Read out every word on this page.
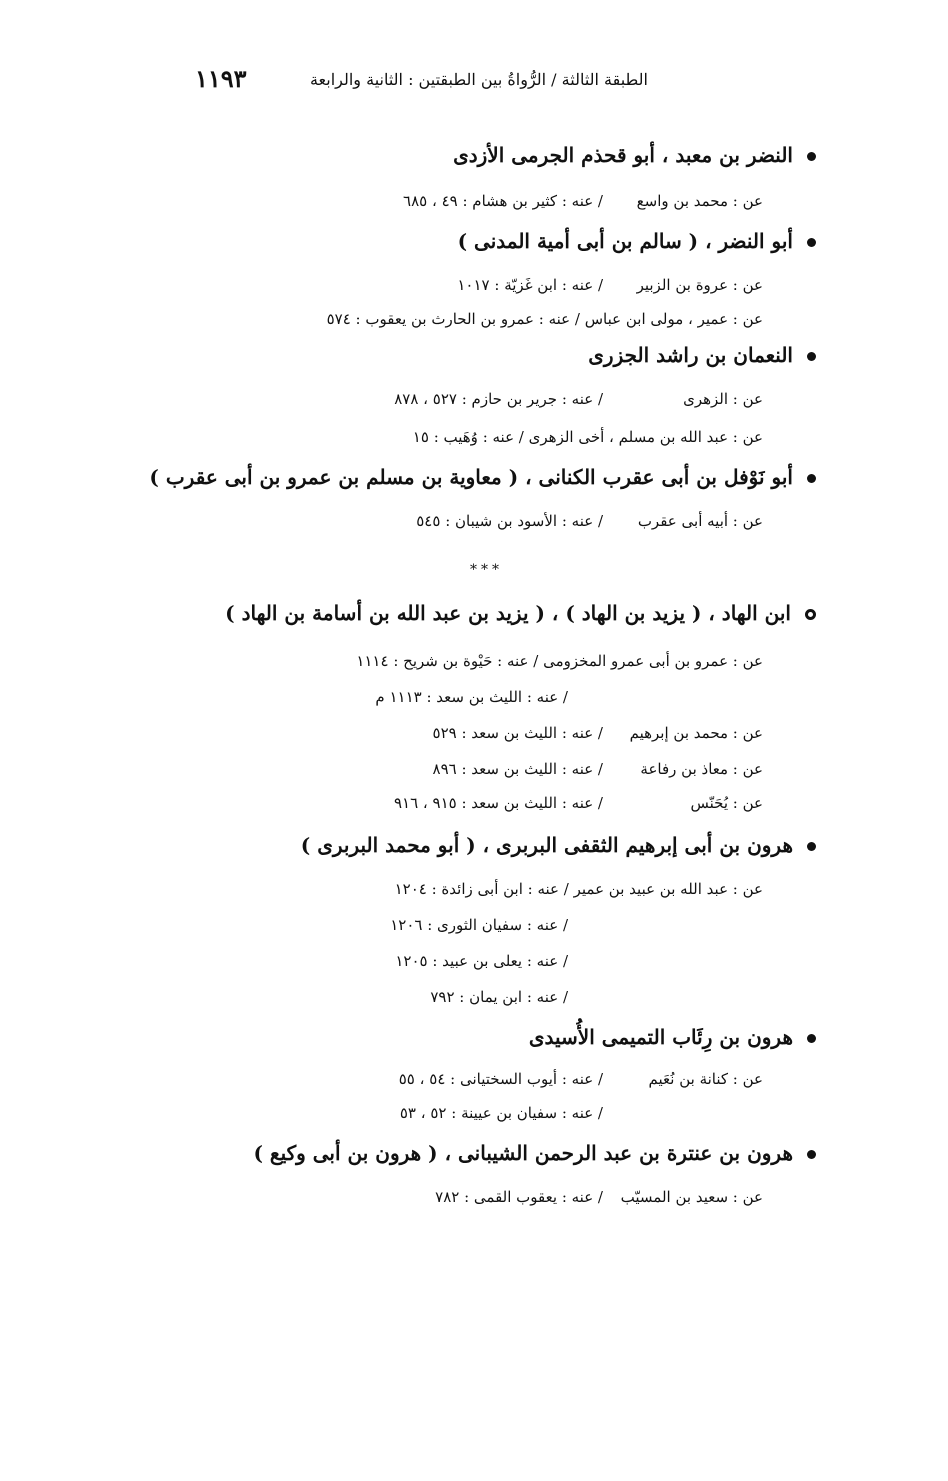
الطبقة الثالثة / الرُّواةُ بين الطبقتين : الثانية والرابعة
١١٩٣
النضر بن معبد ، أبو قحذم الجرمى الأزدى
عن : محمد بن واسع/ عنه : كثير بن هشام : ٤٩ ، ٦٨٥
أبو النضر ، ( سالم بن أبى أمية المدنى )
عن : عروة بن الزبير/ عنه : ابن غَزيّة : ١٠١٧
عن : عمير ، مولى ابن عباس / عنه : عمرو بن الحارث بن يعقوب : ٥٧٤
النعمان بن راشد الجزرى
عن : الزهرى/ عنه : جرير بن حازم : ٥٢٧ ، ٨٧٨
عن : عبد الله بن مسلم ، أخى الزهرى / عنه : وُهَيب : ١٥
أبو نَوْفل بن أبى عقرب الكنانى ، ( معاوية بن مسلم بن عمرو بن أبى عقرب )
عن : أبيه أبى عقرب/ عنه : الأسود بن شيبان : ٥٤٥
***
ابن الهاد ، ( يزيد بن الهاد ) ، ( يزيد بن عبد الله بن أسامة بن الهاد )
عن : عمرو بن أبى عمرو المخزومى / عنه : حَيْوة بن شريح : ١١١٤
/ عنه : الليث بن سعد : ١١١٣ م
عن : محمد بن إبرهيم/ عنه : الليث بن سعد : ٥٢٩
عن : معاذ بن رفاعة/ عنه : الليث بن سعد : ٨٩٦
عن : يُحَنّس/ عنه : الليث بن سعد : ٩١٥ ، ٩١٦
هرون بن أبى إبرهيم الثقفى البربرى ، ( أبو محمد البربرى )
عن : عبد الله بن عبيد بن عمير / عنه : ابن أبى زائدة : ١٢٠٤
/ عنه : سفيان الثورى : ١٢٠٦
/ عنه : يعلى بن عبيد : ١٢٠٥
/ عنه : ابن يمان : ٧٩٢
هرون بن رِئَاب التميمى الأُسيدى
عن : كنانة بن نُعَيم/ عنه : أيوب السختيانى : ٥٤ ، ٥٥
/ عنه : سفيان بن عيينة : ٥٢ ، ٥٣
هرون بن عنترة بن عبد الرحمن الشيبانى ، ( هرون بن أبى وكيع )
عن : سعيد بن المسيّب/ عنه : يعقوب القمى : ٧٨٢
